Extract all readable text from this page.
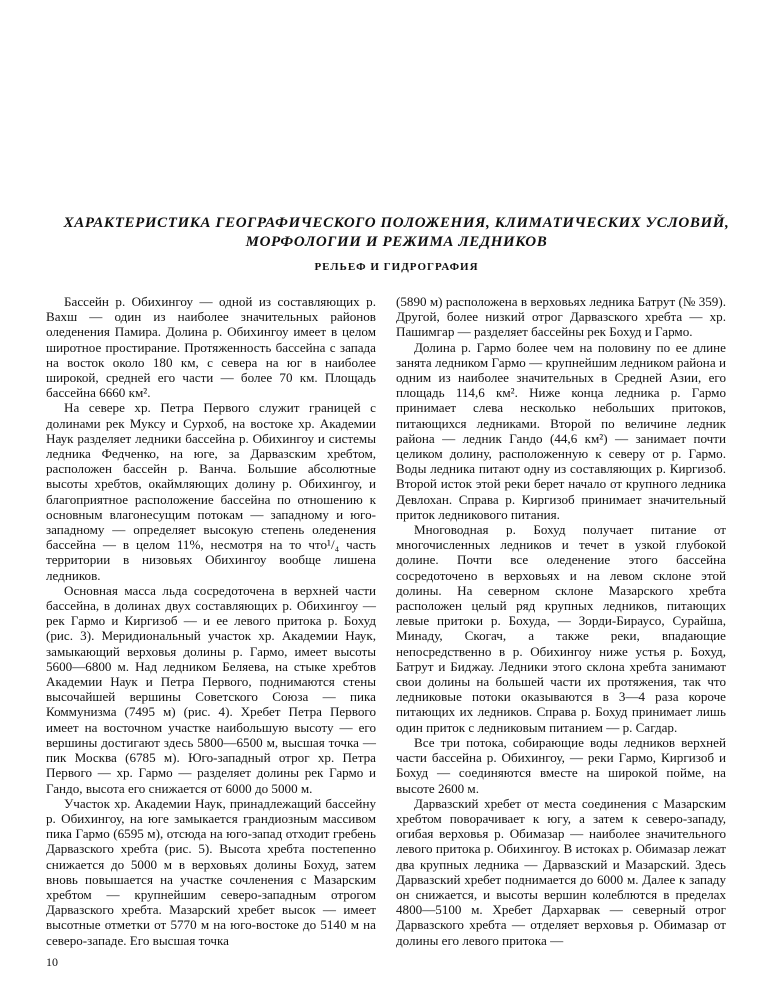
ХАРАКТЕРИСТИКА ГЕОГРАФИЧЕСКОГО ПОЛОЖЕНИЯ, КЛИМАТИЧЕСКИХ УСЛОВИЙ,
МОРФОЛОГИИ И РЕЖИМА ЛЕДНИКОВ
РЕЛЬЕФ И ГИДРОГРАФИЯ

Бассейн р. Обихингоу — одной из составляющих р. Вахш — один из наиболее значительных районов оледенения Памира. Долина р. Обихингоу имеет в целом широтное простирание. Протяженность бассейна с запада на восток около 180 км, с севера на юг в наиболее широкой, средней его части — более 70 км. Площадь бассейна 6660 км².

На севере хр. Петра Первого служит границей с долинами рек Муксу и Сурхоб, на востоке хр. Академии Наук разделяет ледники бассейна р. Обихингоу и системы ледника Федченко, на юге, за Дарвазским хребтом, расположен бассейн р. Ванча. Большие абсолютные высоты хребтов, окаймляющих долину р. Обихингоу, и благоприятное расположение бассейна по отношению к основным влагонесущим потокам — западному и юго-западному — определяет высокую степень оледенения бассейна — в целом 11%, несмотря на то что¹/₄ часть территории в низовьях Обихингоу вообще лишена ледников.

Основная масса льда сосредоточена в верхней части бассейна, в долинах двух составляющих р. Обихингоу — рек Гармо и Киргизоб — и ее левого притока р. Бохуд (рис. 3). Меридиональный участок хр. Академии Наук, замыкающий верховья долины р. Гармо, имеет высоты 5600—6800 м. Над ледником Беляева, на стыке хребтов Академии Наук и Петра Первого, поднимаются стены высочайшей вершины Советского Союза — пика Коммунизма (7495 м) (рис. 4). Хребет Петра Первого имеет на восточном участке наибольшую высоту — его вершины достигают здесь 5800—6500 м, высшая точка — пик Москва (6785 м). Юго-западный отрог хр. Петра Первого — хр. Гармо — разделяет долины рек Гармо и Гандо, высота его снижается от 6000 до 5000 м.

Участок хр. Академии Наук, принадлежащий бассейну р. Обихингоу, на юге замыкается грандиозным массивом пика Гармо (6595 м), отсюда на юго-запад отходит гребень Дарвазского хребта (рис. 5). Высота хребта постепенно снижается до 5000 м в верховьях долины Бохуд, затем вновь повышается на участке сочленения с Мазарским хребтом — крупнейшим северо-западным отрогом Дарвазского хребта. Мазарский хребет высок — имеет высотные отметки от 5770 м на юго-востоке до 5140 м на северо-западе. Его высшая точка

(5890 м) расположена в верховьях ледника Батрут (№ 359). Другой, более низкий отрог Дарвазского хребта — хр. Пашимгар — разделяет бассейны рек Бохуд и Гармо.

Долина р. Гармо более чем на половину по ее длине занята ледником Гармо — крупнейшим ледником района и одним из наиболее значительных в Средней Азии, его площадь 114,6 км². Ниже конца ледника р. Гармо принимает слева несколько небольших притоков, питающихся ледниками. Второй по величине ледник района — ледник Гандо (44,6 км²) — занимает почти целиком долину, расположенную к северу от р. Гармо. Воды ледника питают одну из составляющих р. Киргизоб. Второй исток этой реки берет начало от крупного ледника Девлохан. Справа р. Киргизоб принимает значительный приток ледникового питания.

Многоводная р. Бохуд получает питание от многочисленных ледников и течет в узкой глубокой долине. Почти все оледенение этого бассейна сосредоточено в верховьях и на левом склоне этой долины. На северном склоне Мазарского хребта расположен целый ряд крупных ледников, питающих левые притоки р. Бохуда, — Зорди-Бираусо, Сурайша, Минаду, Скогач, а также реки, впадающие непосредственно в р. Обихингоу ниже устья р. Бохуд, Батрут и Биджау. Ледники этого склона хребта занимают свои долины на большей части их протяжения, так что ледниковые потоки оказываются в 3—4 раза короче питающих их ледников. Справа р. Бохуд принимает лишь один приток с ледниковым питанием — р. Сагдар.

Все три потока, собирающие воды ледников верхней части бассейна р. Обихингоу, — реки Гармо, Киргизоб и Бохуд — соединяются вместе на широкой пойме, на высоте 2600 м.

Дарвазский хребет от места соединения с Мазарским хребтом поворачивает к югу, а затем к северо-западу, огибая верховья р. Обимазар — наиболее значительного левого притока р. Обихингоу. В истоках р. Обимазар лежат два крупных ледника — Дарвазский и Мазарский. Здесь Дарвазский хребет поднимается до 6000 м. Далее к западу он снижается, и высоты вершин колеблются в пределах 4800—5100 м. Хребет Дархарвак — северный отрог Дарвазского хребта — отделяет верховья р. Обимазар от долины его левого притока —

10
